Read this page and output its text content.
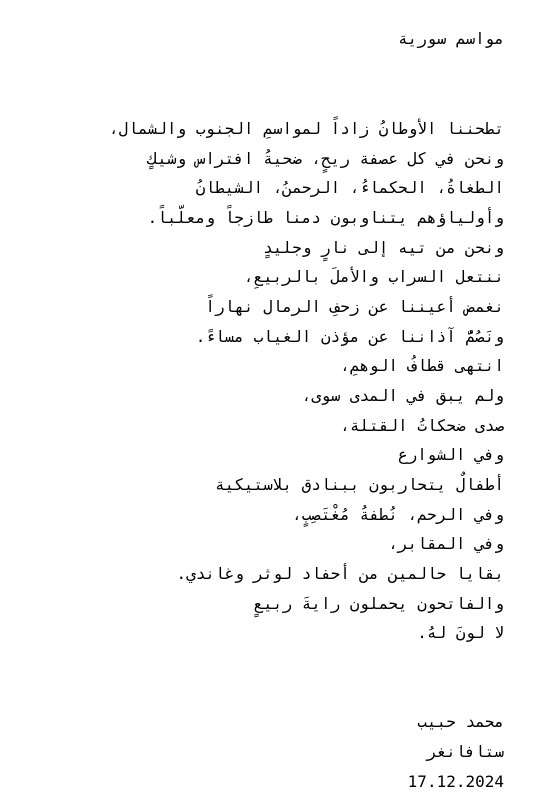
مواسم سورية
تطحننا الأوطانُ زاداً لمواسمِ الجنوب والشمال،
ونحن في كل عصفة ريحٍ، ضحيةُ افتراس وشيكٍ
الطغاةُ، الحكماءُ، الرحمنُ، الشيطانُ
وأولياؤهم يتناوبون دمنا طازجاً ومعلّباً.
ونحن من تيه إلى نارٍ وجليدٍ
ننتعل السراب والأملَ بالربيعِ،
نغمض أعيننا عن زحفِ الرمال نهاراً
ونَصُمُّ آذاننا عن مؤذن الغياب مساءً.
انتهى قطافُ الوهمِ،
ولم يبق في المدى سوى،
صدى ضحكاتُ القتلة،
وفي الشوارع
أطفالٌ يتحاربون ببنادق بلاستيكية
وفي الرحم، نُطفةُ مُغْتَصِبٍ،
وفي المقابر،
بقايا حالمين من أحفاد لوثر وغاندي.
والفاتحون يحملون رايةَ ربيعٍ
لا لونَ لهُ.
محمد حبيب
ستافانغر
17.12.2024
